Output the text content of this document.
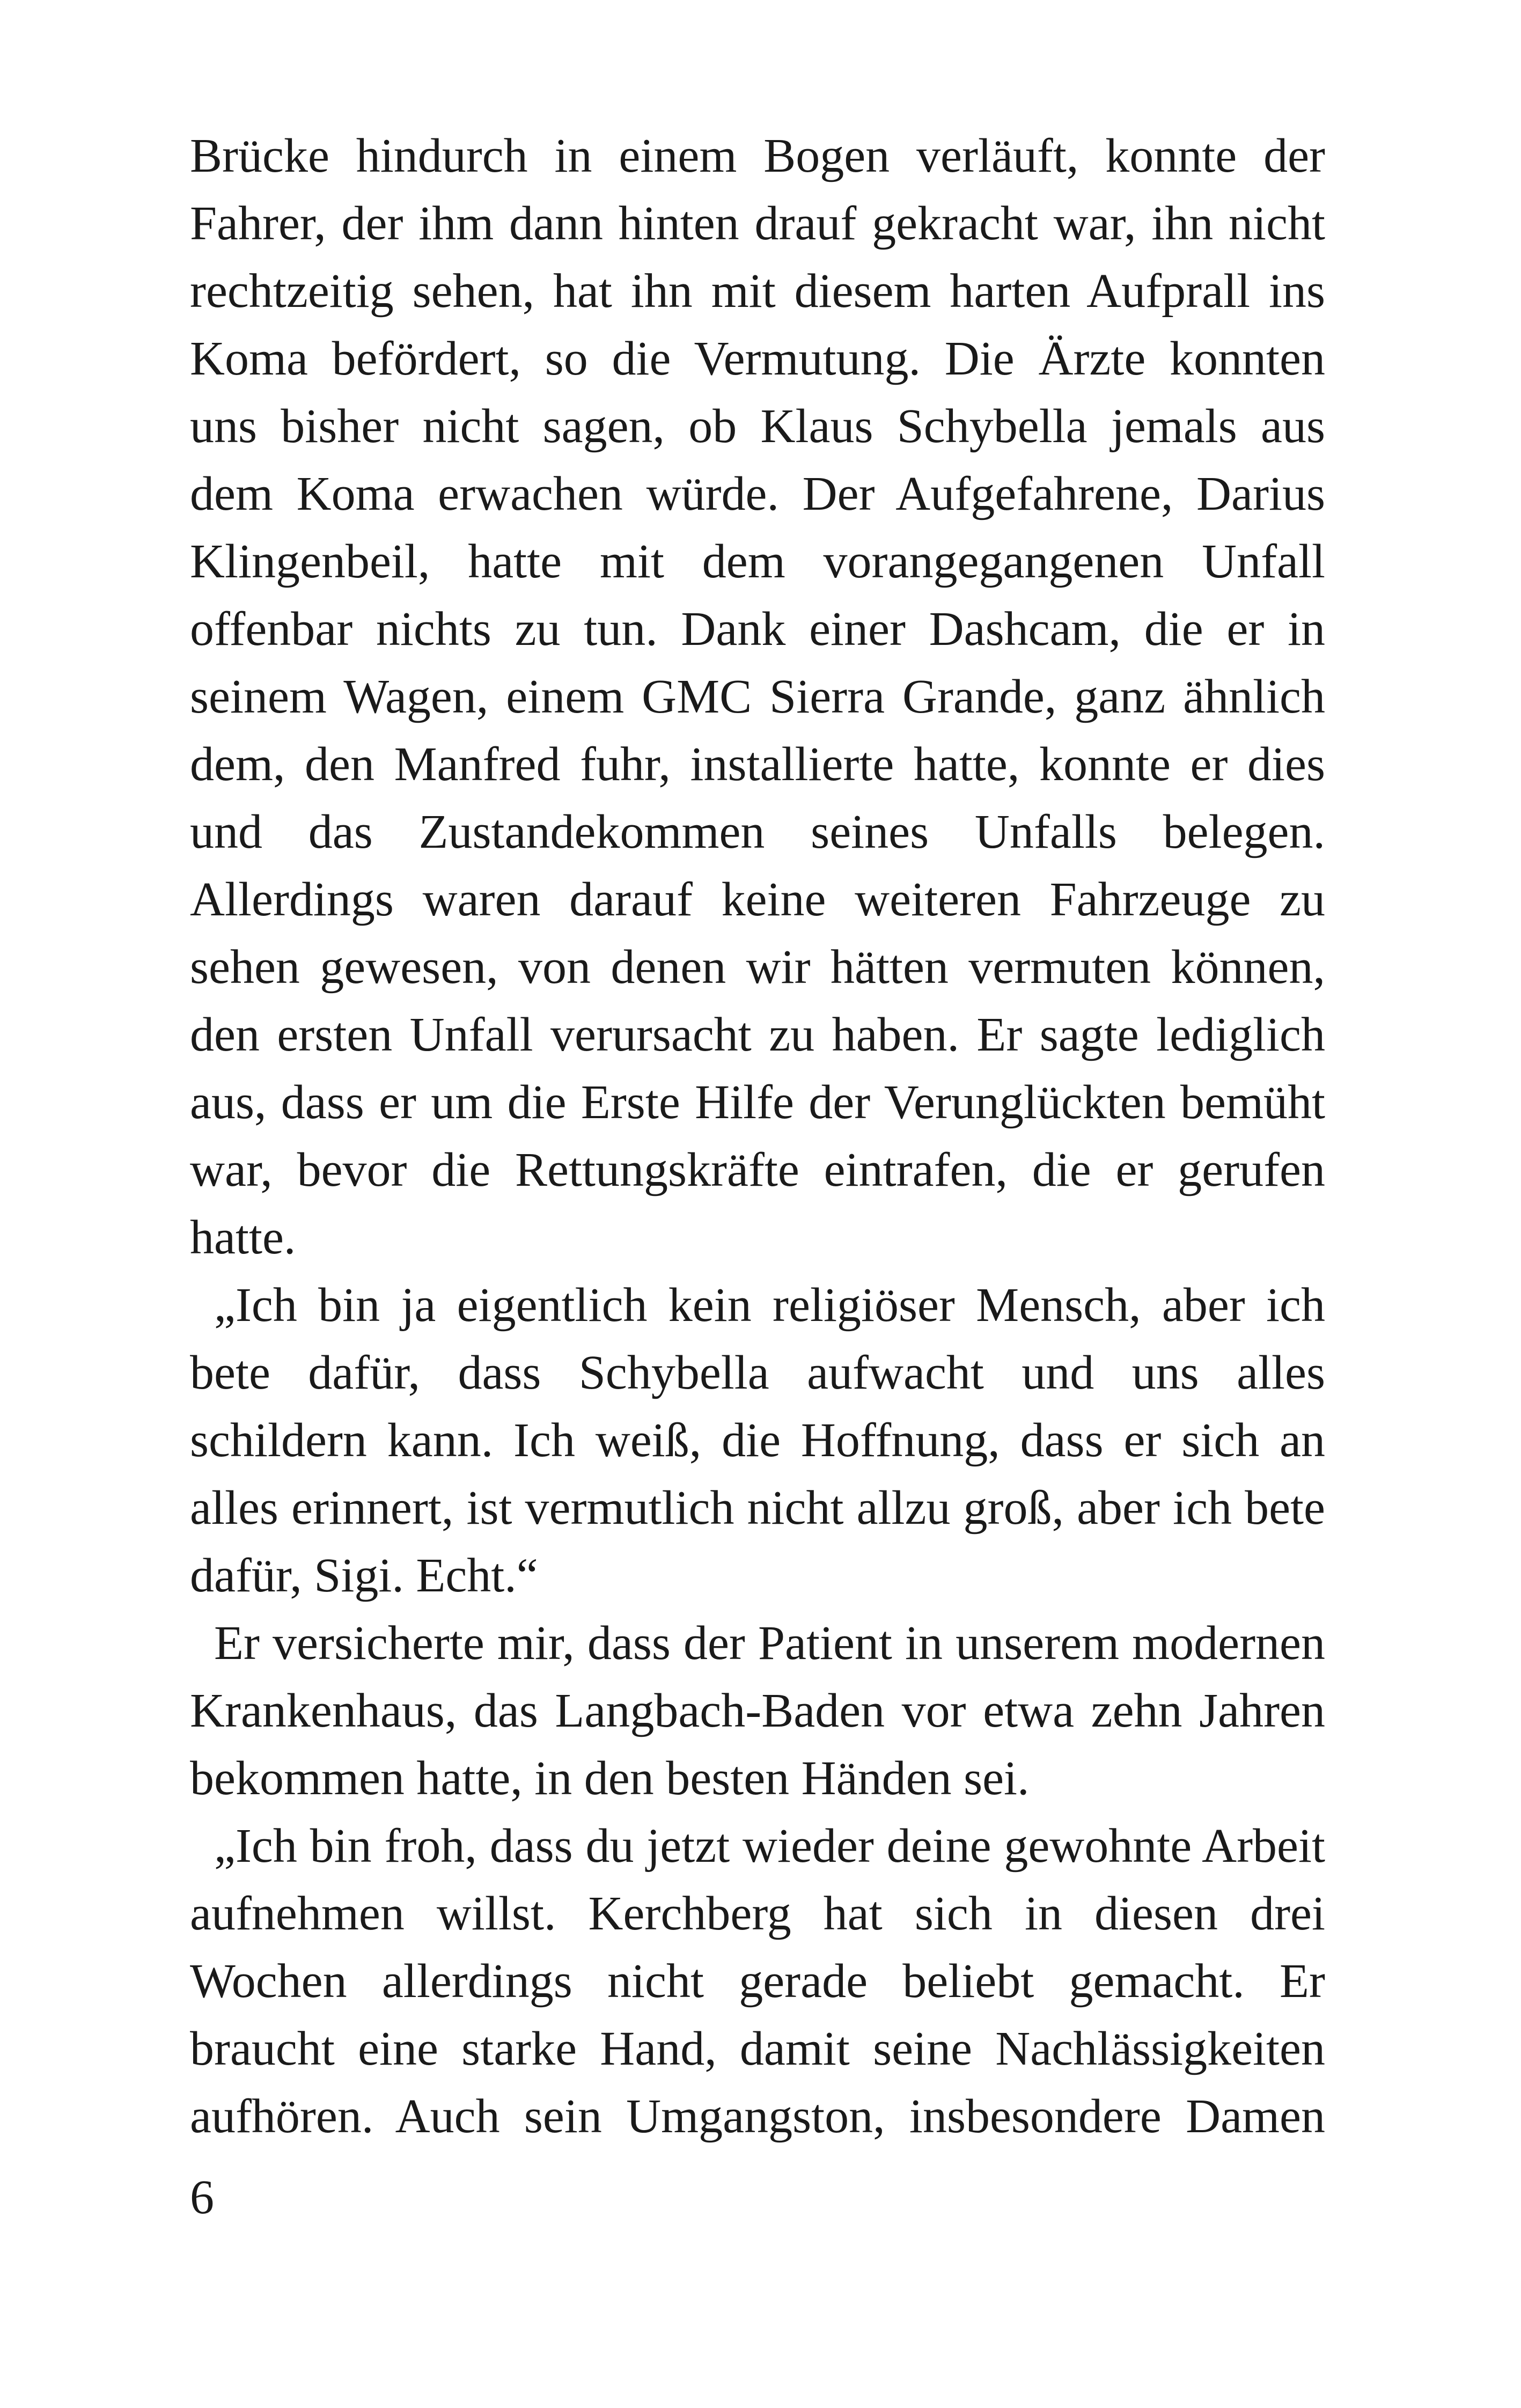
Brücke hindurch in einem Bogen verläuft, konnte der
Fahrer, der ihm dann hinten drauf gekracht war, ihn nicht
rechtzeitig sehen, hat ihn mit diesem harten Aufprall ins
Koma befördert, so die Vermutung. Die Ärzte konnten
uns bisher nicht sagen, ob Klaus Schybella jemals aus
dem Koma erwachen würde. Der Aufgefahrene, Darius
Klingenbeil, hatte mit dem vorangegangenen Unfall
offenbar nichts zu tun. Dank einer Dashcam, die er in
seinem Wagen, einem GMC Sierra Grande, ganz ähnlich
dem, den Manfred fuhr, installierte hatte, konnte er dies
und das Zustandekommen seines Unfalls belegen.
Allerdings waren darauf keine weiteren Fahrzeuge zu
sehen gewesen, von denen wir hätten vermuten können,
den ersten Unfall verursacht zu haben. Er sagte lediglich
aus, dass er um die Erste Hilfe der Verunglückten bemüht
war, bevor die Rettungskräfte eintrafen, die er gerufen
hatte.

„Ich bin ja eigentlich kein religiöser Mensch, aber ich
bete dafür, dass Schybella aufwacht und uns alles
schildern kann. Ich weiß, die Hoffnung, dass er sich an
alles erinnert, ist vermutlich nicht allzu groß, aber ich bete
dafür, Sigi. Echt.“

Er versicherte mir, dass der Patient in unserem modernen
Krankenhaus, das Langbach-Baden vor etwa zehn Jahren
bekommen hatte, in den besten Händen sei.

„Ich bin froh, dass du jetzt wieder deine gewohnte Arbeit
aufnehmen willst. Kerchberg hat sich in diesen drei
Wochen allerdings nicht gerade beliebt gemacht. Er
braucht eine starke Hand, damit seine Nachlässigkeiten
aufhören. Auch sein Umgangston, insbesondere Damen

6
